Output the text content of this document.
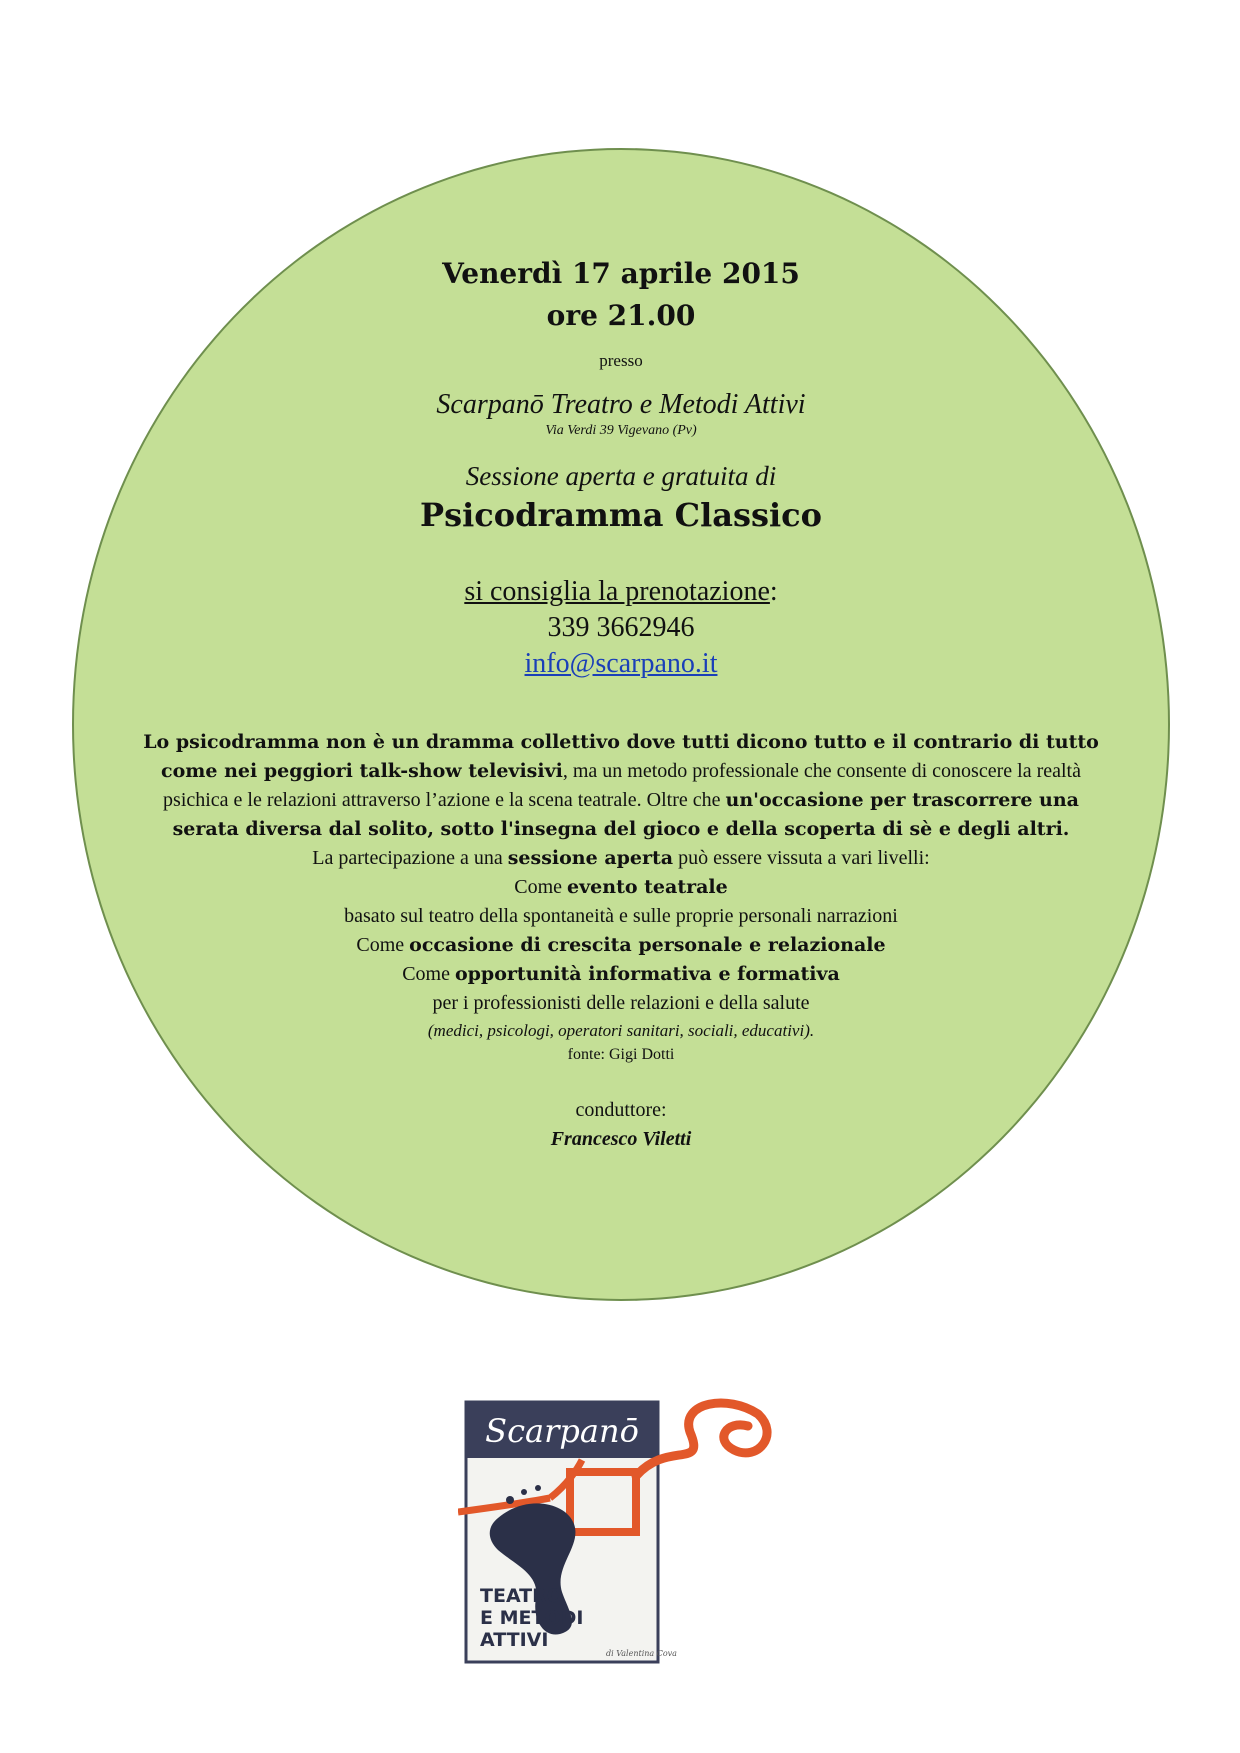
Venerdì 17 aprile 2015
ore 21.00
presso
Scarpanō Treatro e Metodi Attivi
Via Verdi 39 Vigevano (Pv)
Sessione aperta e gratuita di
Psicodramma Classico
si consiglia la prenotazione:
339 3662946
info@scarpano.it
Lo psicodramma non è un dramma collettivo dove tutti dicono tutto e il contrario di tutto come nei peggiori talk-show televisivi, ma un metodo professionale che consente di conoscere la realtà psichica e le relazioni attraverso l’azione e la scena teatrale. Oltre che un'occasione per trascorrere una serata diversa dal solito, sotto l'insegna del gioco e della scoperta di sè e degli altri.
La partecipazione a una sessione aperta può essere vissuta a vari livelli:
Come evento teatrale
basato sul teatro della spontaneità e sulle proprie personali narrazioni
Come occasione di crescita personale e relazionale
Come opportunità informativa e formativa
per i professionisti delle relazioni e della salute
(medici, psicologi, operatori sanitari, sociali, educativi).
fonte: Gigi Dotti
conduttore:
Francesco Viletti
Scarpanō
TEATRO
E METODI
ATTIVI
di Valentina Cova
